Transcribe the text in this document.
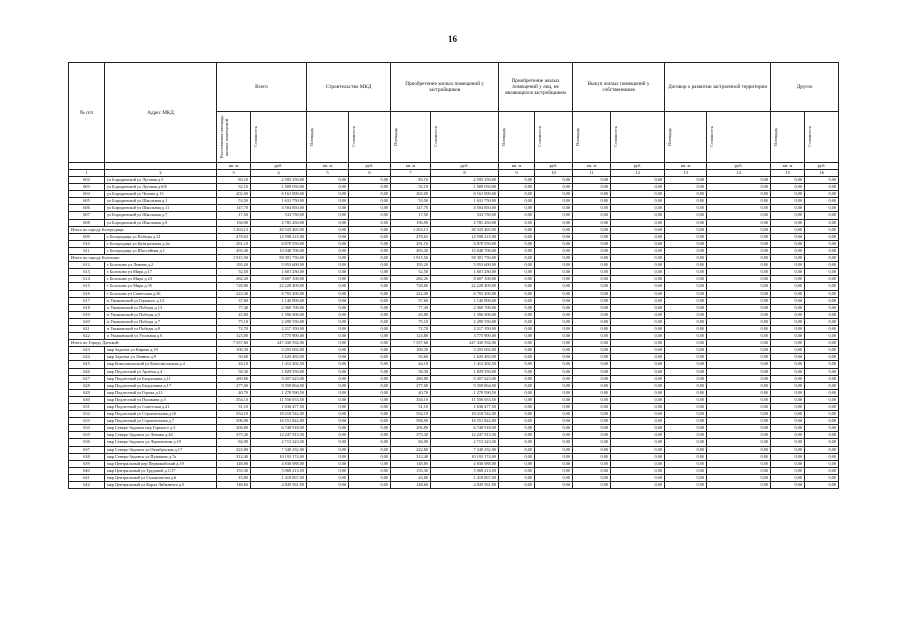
16
№ п/п	Адрес МКД	Всего		Строительство МКД		Приобретение жилых помещений у застройщиков		Приобретение жилых помещений у лиц, не являющихся застройщиком		Выкуп жилых помещений у собственников		Договор о развитии застроенной территории		Другое	

		Расселяемая площадь жилых помещений	Стоимость	Площадь	Стоимость	Площадь	Стоимость	Площадь	Стоимость	Площадь	Стоимость	Площадь	Стоимость	Площадь	Стоимость

		кв. м	руб.	кв. м	руб.	кв. м	руб.	кв. м	руб.	кв. м	руб.	кв. м	руб.	кв. м	руб.
1	2	3	4	5	6	7	8	9	10	11	12	13	14	15	16
602	ул Бородинской ул Луговая д.5	83,10	2 595 550,00	0,00	0,00	83,10	2 595 550,00	0,00	0,00	0,00	0,00	0,00	0,00	0,00	0,00
603	ул Бородинской ул Луговая д.6/8	52,10	1 589 050,00	0,00	0,00	52,10	1 589 050,00	0,00	0,00	0,00	0,00	0,00	0,00	0,00	0,00
604	ул Бородинской ул Чехова д.13	202,00	6 161 000,00	0,00	0,00	202,00	6 161 000,00	0,00	0,00	0,00	0,00	0,00	0,00	0,00	0,00
605	ул Бородинской ул Школьная д.1	53,50	1 631 750,00	0,00	0,00	53,50	1 631 750,00	0,00	0,00	0,00	0,00	0,00	0,00	0,00	0,00
606	ул Бородинской ул Школьная д.11	147,70	4 504 850,00	0,00	0,00	147,70	4 504 850,00	0,00	0,00	0,00	0,00	0,00	0,00	0,00	0,00
607	ул Бородинской ул Школьная д.7	17,50	533 750,00	0,00	0,00	17,50	533 750,00	0,00	0,00	0,00	0,00	0,00	0,00	0,00	0,00
608	ул Бородинской ул Школьная д.9	156,90	4 785 450,00	0,00	0,00	156,90	4 785 450,00	0,00	0,00	0,00	0,00	0,00	0,00	0,00	0,00
Итого по городу Богородицк:		1 263,13	38 525 465,00	0,00	0,00	1 263,13	38 525 465,00	0,00	0,00	0,00	0,00	0,00	0,00	0,00	0,00
609	г Богородицк ул Победы д.21	478,63	14 598 215,00	0,00	0,00	478,63	14 598 215,00	0,00	0,00	0,00	0,00	0,00	0,00	0,00	0,00
610	г Богородицк ул Центральная д.4а	291,10	8 878 550,00	0,00	0,00	291,10	8 878 550,00	0,00	0,00	0,00	0,00	0,00	0,00	0,00	0,00
611	г Богородицк ул Шоссейная д.1	493,40	15 048 700,00	0,00	0,00	493,40	15 048 700,00	0,00	0,00	0,00	0,00	0,00	0,00	0,00	0,00
Итого по городу Болохово:		1 915,50	58 301 750,00	0,00	0,00	1 915,50	58 301 750,00	0,00	0,00	0,00	0,00	0,00	0,00	0,00	0,00
612	г Болохово ул Ленина д.2	195,20	5 953 600,00	0,00	0,00	195,20	5 953 600,00	0,00	0,00	0,00	0,00	0,00	0,00	0,00	0,00
613	г Болохово ул Мира д.17	52,50	1 601 250,00	0,00	0,00	52,50	1 601 250,00	0,00	0,00	0,00	0,00	0,00	0,00	0,00	0,00
614	г Болохово ул Мира д.23	282,20	8 607 100,00	0,00	0,00	282,20	8 607 100,00	0,00	0,00	0,00	0,00	0,00	0,00	0,00	0,00
615	г Болохово ул Мира д.35	728,80	22 228 400,00	0,00	0,00	728,80	22 228 400,00	0,00	0,00	0,00	0,00	0,00	0,00	0,00	0,00
616	г Болохово ул Советская д.26	222,40	6 783 200,00	0,00	0,00	222,40	6 783 200,00	0,00	0,00	0,00	0,00	0,00	0,00	0,00	0,00
617	п Ушаковский ул Горького д.14	37,60	1 146 800,00	0,00	0,00	37,60	1 146 800,00	0,00	0,00	0,00	0,00	0,00	0,00	0,00	0,00
618	п Ушаковский ул Победы д.13	77,40	2 360 700,00	0,00	0,00	77,40	2 360 700,00	0,00	0,00	0,00	0,00	0,00	0,00	0,00	0,00
619	п Ушаковский ул Победы д.5	45,80	1 396 900,00	0,00	0,00	45,80	1 396 900,00	0,00	0,00	0,00	0,00	0,00	0,00	0,00	0,00
620	п Ушаковский ул Победы д.7	75,10	2 290 550,00	0,00	0,00	75,10	2 290 550,00	0,00	0,00	0,00	0,00	0,00	0,00	0,00	0,00
621	п Ушаковский ул Победы д.8	72,70	2 217 350,00	0,00	0,00	72,70	2 217 350,00	0,00	0,00	0,00	0,00	0,00	0,00	0,00	0,00
622	п Ушаковский ул Угольная д.6	123,80	3 775 900,00	0,00	0,00	123,80	3 775 900,00	0,00	0,00	0,00	0,00	0,00	0,00	0,00	0,00
Итого по Городу Донской:		7 557,60	247 430 592,00	0,00	0,00	7 557,60	247 430 592,00	0,00	0,00	0,00	0,00	0,00	0,00	0,00	0,00
623	мкр Задонье ул Кирова д.19	100,30	3 255 692,00	0,00	0,00	100,30	3 255 692,00	0,00	0,00	0,00	0,00	0,00	0,00	0,00	0,00
624	мкр Задонье ул Ленина д.9	50,60	1 620 465,00	0,00	0,00	50,60	1 620 465,00	0,00	0,00	0,00	0,00	0,00	0,00	0,00	0,00
625	мкр Комсомольский ул Комсомольская д.4	44,10	1 412 302,50	0,00	0,00	44,10	1 412 302,50	0,00	0,00	0,00	0,00	0,00	0,00	0,00	0,00
626	мкр Подлесный ул Артема д.4	58,30	1 829 550,00	0,00	0,00	58,30	1 829 550,00	0,00	0,00	0,00	0,00	0,00	0,00	0,00	0,00
627	мкр Подлесный ул Багрушина д.11	289,80	9 457 623,00	0,00	0,00	289,80	9 457 623,00	0,00	0,00	0,00	0,00	0,00	0,00	0,00	0,00
628	мкр Подлесный ул Багрушина д.17	277,00	9 358 864,00	0,00	0,00	277,00	9 358 864,00	0,00	0,00	0,00	0,00	0,00	0,00	0,00	0,00
629	мкр Подлесный ул Горька д.11	40,70	1 278 590,50	0,00	0,00	40,70	1 278 590,50	0,00	0,00	0,00	0,00	0,00	0,00	0,00	0,00
630	мкр Подлесный ул Пушкина д.5	354,10	11 556 053,50	0,00	0,00	354,10	11 556 053,50	0,00	0,00	0,00	0,00	0,00	0,00	0,00	0,00
631	мкр Подлесный ул Советская д.21	51,10	1 636 477,50	0,00	0,00	51,10	1 636 477,50	0,00	0,00	0,00	0,00	0,00	0,00	0,00	0,00
632	мкр Подлесный ул Строительная д.10	554,10	18 218 542,00	0,00	0,00	554,10	18 218 542,00	0,00	0,00	0,00	0,00	0,00	0,00	0,00	0,00
633	мкр Подлесный ул Строительная д.7	506,90	16 551 842,00	0,00	0,00	506,90	16 551 842,00	0,00	0,00	0,00	0,00	0,00	0,00	0,00	0,00
634	мкр Северо-Задонск пер Горького д.3	206,80	6 748 918,00	0,00	0,00	206,80	6 748 918,00	0,00	0,00	0,00	0,00	0,00	0,00	0,00	0,00
635	мкр Северо-Задонск ул Ленина д.44	375,30	12 247 913,50	0,00	0,00	375,30	12 247 913,50	0,00	0,00	0,00	0,00	0,00	0,00	0,00	0,00
636	мкр Северо-Задонск ул Лермонтова д.19	84,90	2 713 323,50	0,00	0,00	84,90	2 713 323,50	0,00	0,00	0,00	0,00	0,00	0,00	0,00	0,00
637	мкр Северо-Задонск ул Октябрьская д.17	222,80	7 340 232,00	0,00	0,00	222,80	7 340 232,00	0,00	0,00	0,00	0,00	0,00	0,00	0,00	0,00
638	мкр Северо-Задонск ул Пушкина д.7а	312,40	10 193 174,00	0,00	0,00	312,40	10 193 174,00	0,00	0,00	0,00	0,00	0,00	0,00	0,00	0,00
639	мкр Центральный пер Первомайский д.19	148,80	4 836 088,00	0,00	0,00	148,80	4 836 088,00	0,00	0,00	0,00	0,00	0,00	0,00	0,00	0,00
640	мкр Центральный ул Трудовой д.1/17	155,30	5 068 213,50	0,00	0,00	155,30	5 068 213,50	0,00	0,00	0,00	0,00	0,00	0,00	0,00	0,00
641	мкр Центральный ул Гальмонтова д.6	43,80	1 418 867,00	0,00	0,00	43,80	1 418 867,00	0,00	0,00	0,00	0,00	0,00	0,00	0,00	0,00
642	мкр Центральный ул Карла Либкнехта д.5	148,60	4 849 561,00	0,00	0,00	148,60	4 849 561,00	0,00	0,00	0,00	0,00	0,00	0,00	0,00	0,00
